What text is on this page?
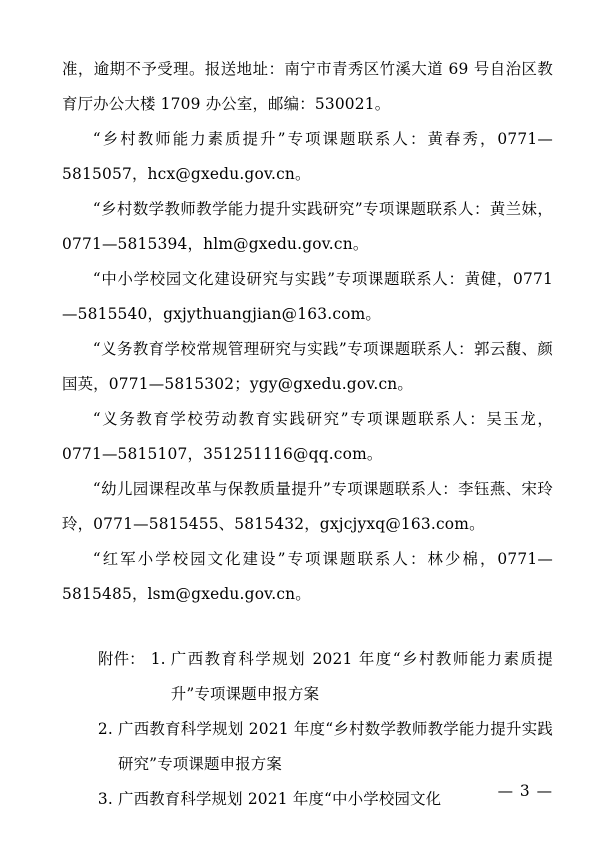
准，逾期不予受理。报送地址：南宁市青秀区竹溪大道 69 号自治区教育厅办公大楼 1709 办公室，邮编：530021。

“乡村教师能力素质提升”专项课题联系人：黄春秀，0771—5815057，hcx@gxedu.gov.cn。

“乡村数学教师教学能力提升实践研究”专项课题联系人：黄兰妹，0771—5815394，hlm@gxedu.gov.cn。

“中小学校园文化建设研究与实践”专项课题联系人：黄健，0771—5815540，gxjythuangjian@163.com。

“义务教育学校常规管理研究与实践”专项课题联系人：郭云馥、颜国英，0771—5815302；ygy@gxedu.gov.cn。

“义务教育学校劳动教育实践研究”专项课题联系人：吴玉龙，0771—5815107，351251116@qq.com。

“幼儿园课程改革与保教质量提升”专项课题联系人：李钰燕、宋玲玲，0771—5815455、5815432，gxjcjyxq@163.com。

“红军小学校园文化建设”专项课题联系人：林少棉，0771—5815485，lsm@gxedu.gov.cn。

附件： 1. 广西教育科学规划 2021 年度“乡村教师能力素质提升”专项课题申报方案
2. 广西教育科学规划 2021 年度“乡村数学教师教学能力提升实践研究”专项课题申报方案
3. 广西教育科学规划 2021 年度“中小学校园文化	— 3 —
